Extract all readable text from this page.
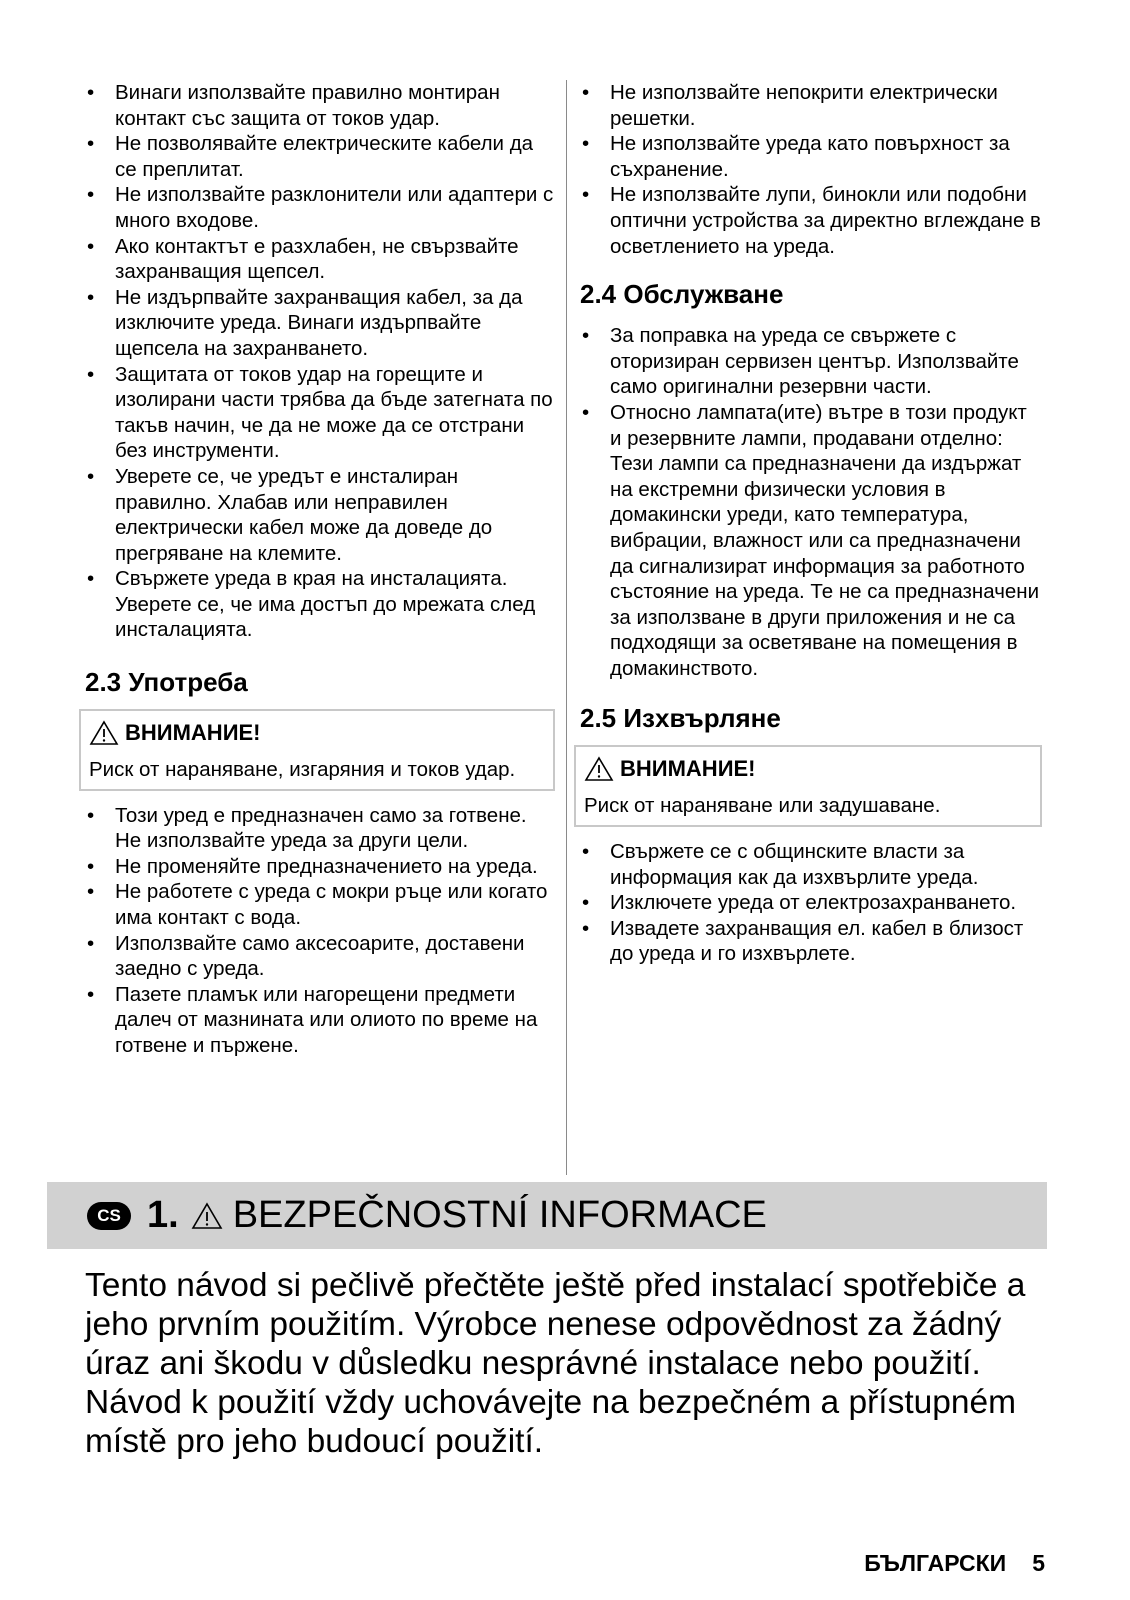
• Винаги използвайте правилно монтиран контакт със защита от токов удар.
• Не позволявайте електрическите кабели да се преплитат.
• Не използвайте разклонители или адаптери с много входове.
• Ако контактът е разхлабен, не свързвайте захранващия щепсел.
• Не издърпвайте захранващия кабел, за да изключите уреда. Винаги издърпвайте щепсела на захранването.
• Защитата от токов удар на горещите и изолирани части трябва да бъде затегната по такъв начин, че да не може да се отстрани без инструменти.
• Уверете се, че уредът е инсталиран правилно. Хлабав или неправилен електрически кабел може да доведе до прегряване на клемите.
• Свържете уреда в края на инсталацията. Уверете се, че има достъп до мрежата след инсталацията.
2.3 Употреба
ВНИМАНИЕ!
Риск от нараняване, изгаряния и токов удар.
• Този уред е предназначен само за готвене. Не използвайте уреда за други цели.
• Не променяйте предназначението на уреда.
• Не работете с уреда с мокри ръце или когато има контакт с вода.
• Използвайте само аксесоарите, доставени заедно с уреда.
• Пазете пламък или нагорещени предмети далеч от мазнината или олиото по време на готвене и пържене.
• Не използвайте непокрити електрически решетки.
• Не използвайте уреда като повърхност за съхранение.
• Не използвайте лупи, бинокли или подобни оптични устройства за директно вглеждане в осветлението на уреда.
2.4 Обслужване
• За поправка на уреда се свържете с оторизиран сервизен център. Използвайте само оригинални резервни части.
• Относно лампата(ите) вътре в този продукт и резервните лампи, продавани отделно: Тези лампи са предназначени да издържат на екстремни физически условия в домакински уреди, като температура, вибрации, влажност или са предназначени да сигнализират информация за работното състояние на уреда. Те не са предназначени за използване в други приложения и не са подходящи за осветяване на помещения в домакинството.
2.5 Изхвърляне
ВНИМАНИЕ!
Риск от нараняване или задушаване.
• Свържете се с общинските власти за информация как да изхвърлите уреда.
• Изключете уреда от електрозахранването.
• Извадете захранващия ел. кабел в близост до уреда и го изхвърлете.
CS 1. BEZPEČNOSTNÍ INFORMACE
Tento návod si pečlivě přečtěte ještě před instalací spotřebiče a jeho prvním použitím. Výrobce nenese odpovědnost za žádný úraz ani škodu v důsledku nesprávné instalace nebo použití. Návod k použití vždy uchovávejte na bezpečném a přístupném místě pro jeho budoucí použití.
БЪЛГАРСКИ 5
